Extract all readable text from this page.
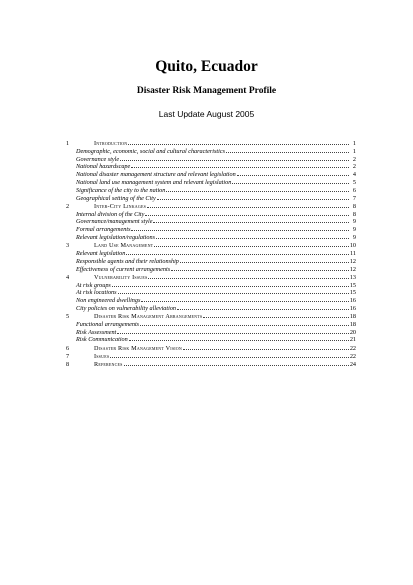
Quito, Ecuador
Disaster Risk Management Profile
Last Update August 2005
1	Introduction	1
Demographic, economic, social and cultural characteristics	1
Governance style	2
National hazardscape	2
National disaster management structure and relevant legislation	4
National land use management system and relevant legislation	5
Significance of the city to the nation	6
Geographical setting of the City	7
2	Inter-City Linkages	8
Internal division of the City	8
Governance/management style	9
Formal arrangements	9
Relevant legislation/regulations	9
3	Land Use Management	10
Relevant legislation	11
Responsible agents and their relationship	12
Effectiveness of current arrangements	12
4	Vulnerability Issues	13
At risk groups	15
At risk locations	15
Non engineered dwellings	16
City policies on vulnerability alleviation	16
5	Disaster Risk Management Arrangements	18
Functional arrangements	18
Risk Assessment	20
Risk Communication	21
6	Disaster Risk Management Vision	22
7	Issues	22
8	References	24
